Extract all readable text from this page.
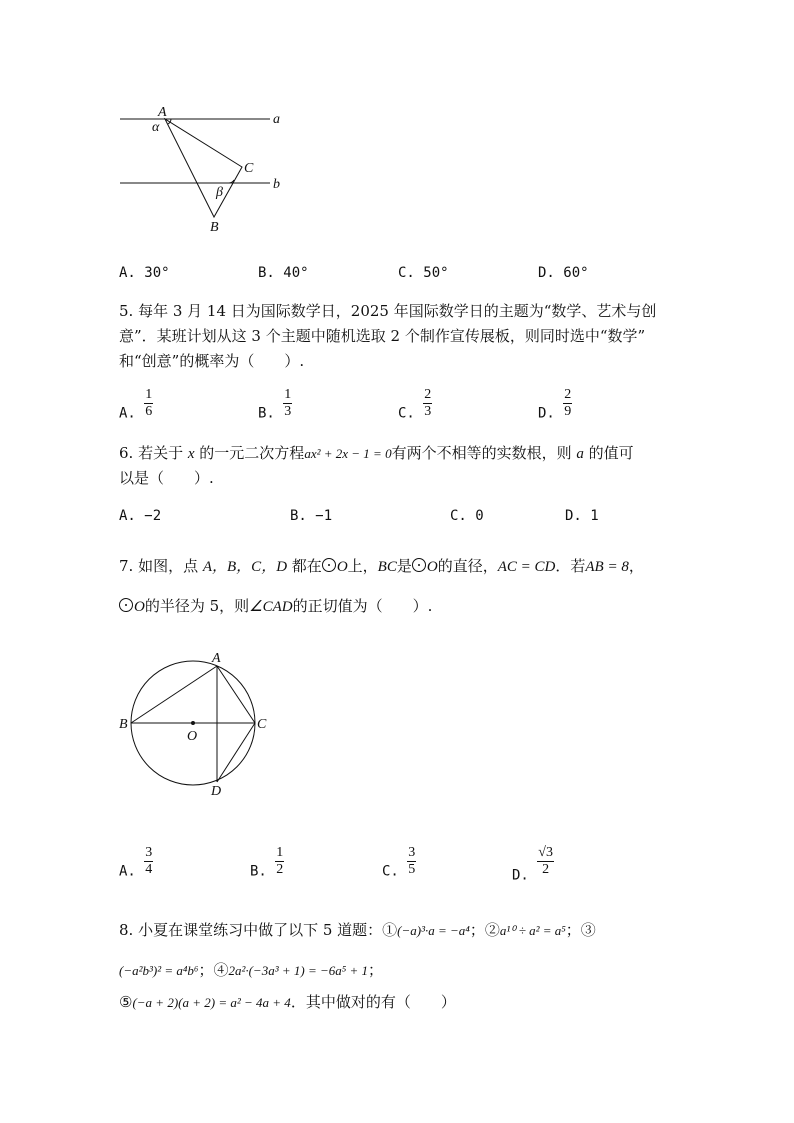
A
α
a
C
β
b
B
A. 30°	B. 40°	C. 50°	D. 60°
5. 每年 3 月 14 日为国际数学日，2025 年国际数学日的主题为“数学、艺术与创
意”．某班计划从这 3 个主题中随机选取 2 个制作宣传展板，则同时选中“数学”
和“创意”的概率为（　　）.
A. $\frac{1}{6}$	B. $\frac{1}{3}$	C. $\frac{2}{3}$	D. $\frac{2}{9}$
6. 若关于 x 的一元二次方程ax² + 2x − 1 = 0有两个不相等的实数根，则 a 的值可
以是（　　）.
A. −2	B. −1	C. 0	D. 1
7. 如图，点 A，B，C，D 都在 O上，BC是 O的直径，AC = CD．若AB = 8，
O的半径为 5，则∠CAD的正切值为（　　）.
A
B
O
C
D
A. $\frac{3}{4}$	B. $\frac{1}{2}$	C. $\frac{3}{5}$	D. $\frac{√3}{2}$
8. 小夏在课堂练习中做了以下 5 道题：①(−a)³·a = −a⁴；②a¹⁰ ÷ a² = a⁵；③
(−a²b³)² = a⁴b⁶；④2a²·(−3a³ + 1) = −6a⁵ + 1；
⑤(−a + 2)(a + 2) = a² − 4a + 4．其中做对的有（　　）
